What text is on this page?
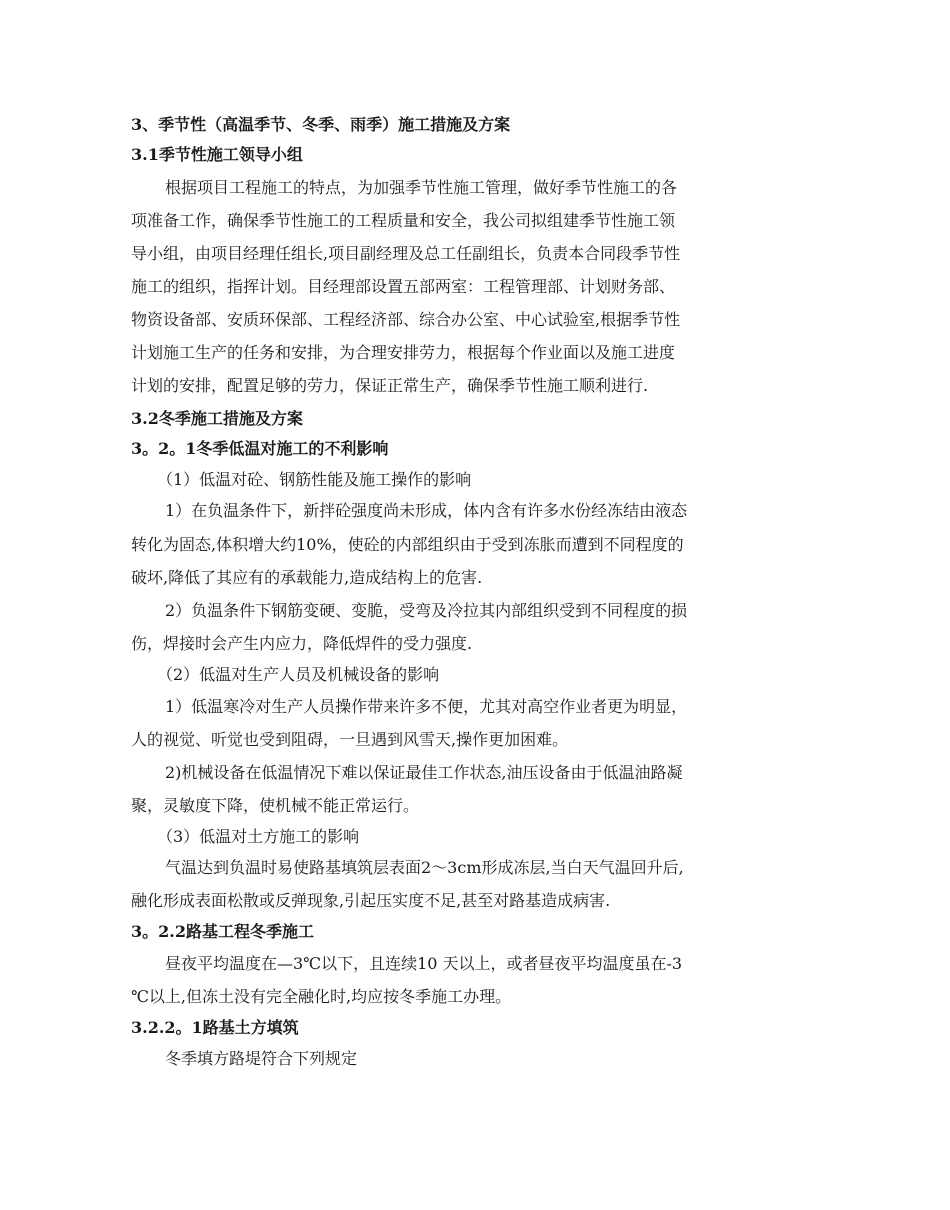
3、季节性（高温季节、冬季、雨季）施工措施及方案
3.1季节性施工领导小组
根据项目工程施工的特点，为加强季节性施工管理，做好季节性施工的各
项准备工作，确保季节性施工的工程质量和安全，我公司拟组建季节性施工领
导小组，由项目经理任组长,项目副经理及总工任副组长，负责本合同段季节性
施工的组织，指挥计划。目经理部设置五部两室：工程管理部、计划财务部、
物资设备部、安质环保部、工程经济部、综合办公室、中心试验室,根据季节性
计划施工生产的任务和安排，为合理安排劳力，根据每个作业面以及施工进度
计划的安排，配置足够的劳力，保证正常生产，确保季节性施工顺利进行.
3.2冬季施工措施及方案
3。2。1冬季低温对施工的不利影响
（1）低温对砼、钢筋性能及施工操作的影响
1）在负温条件下，新拌砼强度尚未形成，体内含有许多水份经冻结由液态
转化为固态,体积增大约10%，使砼的内部组织由于受到冻胀而遭到不同程度的
破坏,降低了其应有的承载能力,造成结构上的危害.
2）负温条件下钢筋变硬、变脆，受弯及冷拉其内部组织受到不同程度的损
伤，焊接时会产生内应力，降低焊件的受力强度.
（2）低温对生产人员及机械设备的影响
1）低温寒冷对生产人员操作带来许多不便，尤其对高空作业者更为明显，
人的视觉、听觉也受到阻碍，一旦遇到风雪天,操作更加困难。
2)机械设备在低温情况下难以保证最佳工作状态,油压设备由于低温油路凝
聚，灵敏度下降，使机械不能正常运行。
（3）低温对土方施工的影响
气温达到负温时易使路基填筑层表面2～3cm形成冻层,当白天气温回升后,
融化形成表面松散或反弹现象,引起压实度不足,甚至对路基造成病害.
3。2.2路基工程冬季施工
昼夜平均温度在—3℃以下，且连续10 天以上，或者昼夜平均温度虽在-3
℃以上,但冻土没有完全融化时,均应按冬季施工办理。
3.2.2。1路基土方填筑
冬季填方路堤符合下列规定
